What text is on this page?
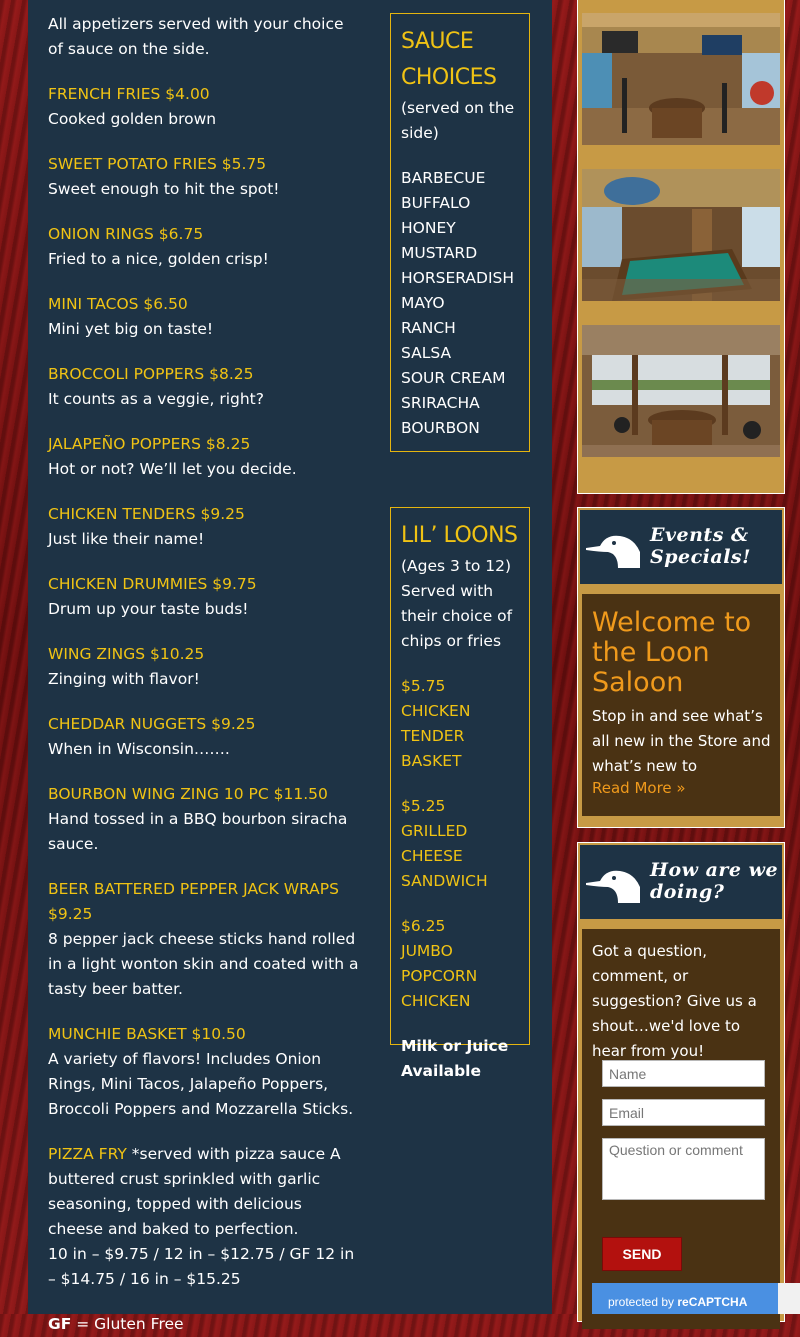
All appetizers served with your choice of sauce on the side.
FRENCH FRIES $4.00
Cooked golden brown
SWEET POTATO FRIES $5.75
Sweet enough to hit the spot!
ONION RINGS $6.75
Fried to a nice, golden crisp!
MINI TACOS $6.50
Mini yet big on taste!
BROCCOLI POPPERS $8.25
It counts as a veggie, right?
JALAPEÑO POPPERS $8.25
Hot or not? We’ll let you decide.
CHICKEN TENDERS $9.25
Just like their name!
CHICKEN DRUMMIES $9.75
Drum up your taste buds!
WING ZINGS $10.25
Zinging with flavor!
CHEDDAR NUGGETS $9.25
When in Wisconsin…….
BOURBON WING ZING 10 PC $11.50
Hand tossed in a BBQ bourbon siracha sauce.
BEER BATTERED PEPPER JACK WRAPS $9.25
8 pepper jack cheese sticks hand rolled in a light wonton skin and coated with a tasty beer batter.
MUNCHIE BASKET $10.50
A variety of flavors! Includes Onion Rings, Mini Tacos, Jalapeño Poppers, Broccoli Poppers and Mozzarella Sticks.
PIZZA FRY *served with pizza sauce A buttered crust sprinkled with garlic seasoning, topped with delicious cheese and baked to perfection.
10 in – $9.75 / 12 in – $12.75 / GF 12 in – $14.75 / 16 in – $15.25
GF = Gluten Free
SAUCE CHOICES
(served on the side)
BARBECUE
BUFFALO
HONEY MUSTARD
HORSERADISH MAYO
RANCH
SALSA
SOUR CREAM
SRIRACHA
BOURBON
LIL’ LOONS
(Ages 3 to 12)
Served with their choice of chips or fries
$5.75
CHICKEN TENDER BASKET
$5.25
GRILLED CHEESE SANDWICH
$6.25
JUMBO POPCORN CHICKEN
Milk or Juice Available
Events & Specials!
Welcome to the Loon Saloon

Stop in and see what’s all new in the Store and what’s new to

Read More »
How are we doing?

Got a question, comment, or suggestion? Give us a shout…we'd love to hear from you!

Name
Email
Question or comment
SEND
protected by reCAPTCHA
